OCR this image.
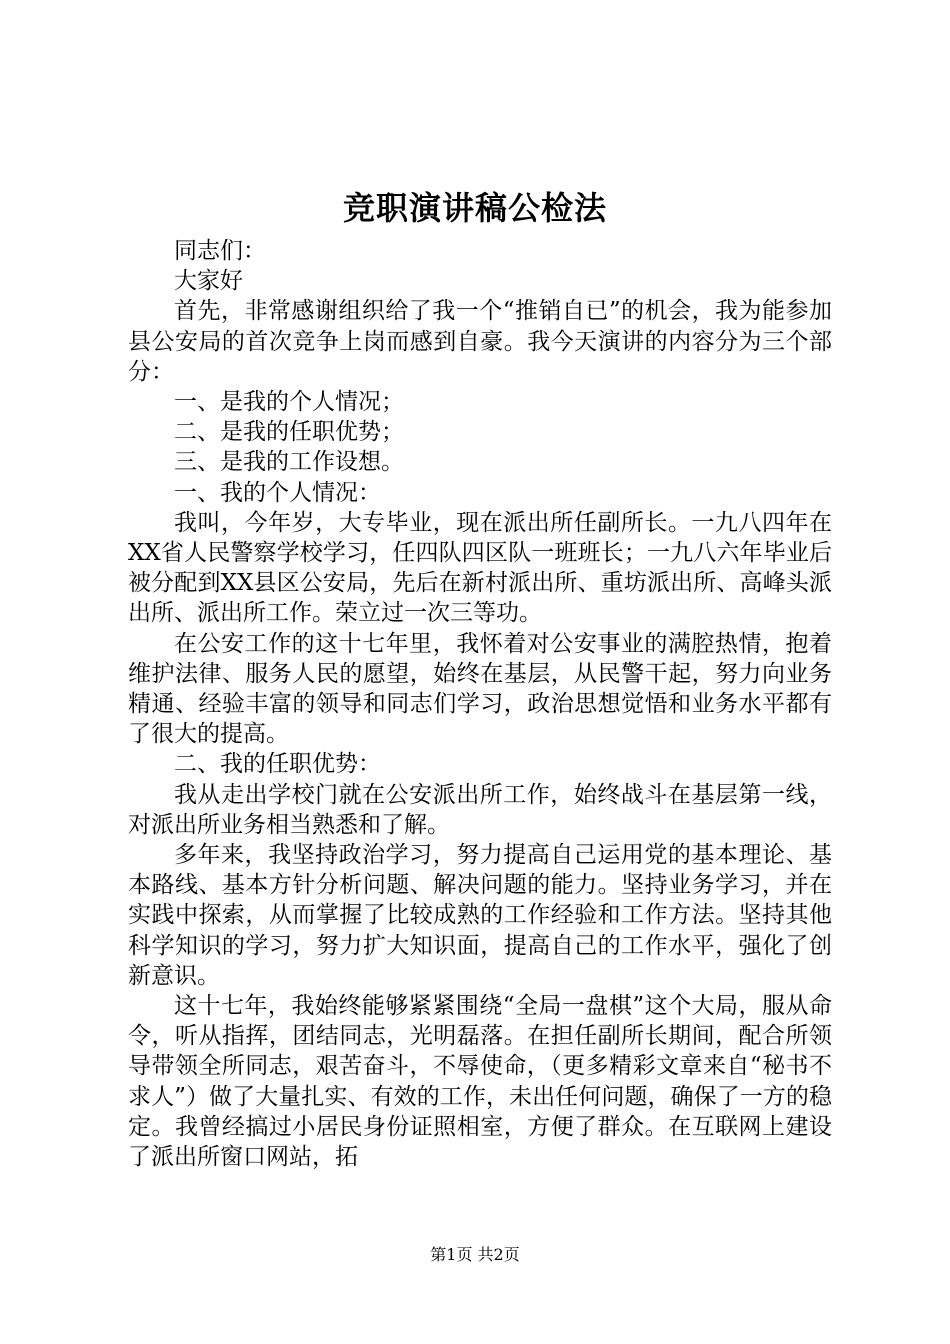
竞职演讲稿公检法

同志们：

大家好

首先，非常感谢组织给了我一个“推销自已”的机会，我为能参加县公安局的首次竞争上岗而感到自豪。我今天演讲的内容分为三个部分：

一、是我的个人情况；

二、是我的任职优势；

三、是我的工作设想。

一、我的个人情况：

我叫，今年岁，大专毕业，现在派出所任副所长。一九八四年在XX省人民警察学校学习，任四队四区队一班班长；一九八六年毕业后被分配到XX县区公安局，先后在新村派出所、重坊派出所、高峰头派出所、派出所工作。荣立过一次三等功。

在公安工作的这十七年里，我怀着对公安事业的满腔热情，抱着维护法律、服务人民的愿望，始终在基层，从民警干起，努力向业务精通、经验丰富的领导和同志们学习，政治思想觉悟和业务水平都有了很大的提高。

二、我的任职优势：

我从走出学校门就在公安派出所工作，始终战斗在基层第一线，对派出所业务相当熟悉和了解。

多年来，我坚持政治学习，努力提高自己运用党的基本理论、基本路线、基本方针分析问题、解决问题的能力。坚持业务学习，并在实践中探索，从而掌握了比较成熟的工作经验和工作方法。坚持其他科学知识的学习，努力扩大知识面，提高自己的工作水平，强化了创新意识。

这十七年，我始终能够紧紧围绕“全局一盘棋”这个大局，服从命令，听从指挥，团结同志，光明磊落。在担任副所长期间，配合所领导带领全所同志，艰苦奋斗，不辱使命，（更多精彩文章来自“秘书不求人”）做了大量扎实、有效的工作，未出任何问题，确保了一方的稳定。我曾经搞过小居民身份证照相室，方便了群众。在互联网上建设了派出所窗口网站，拓

第1页 共2页
